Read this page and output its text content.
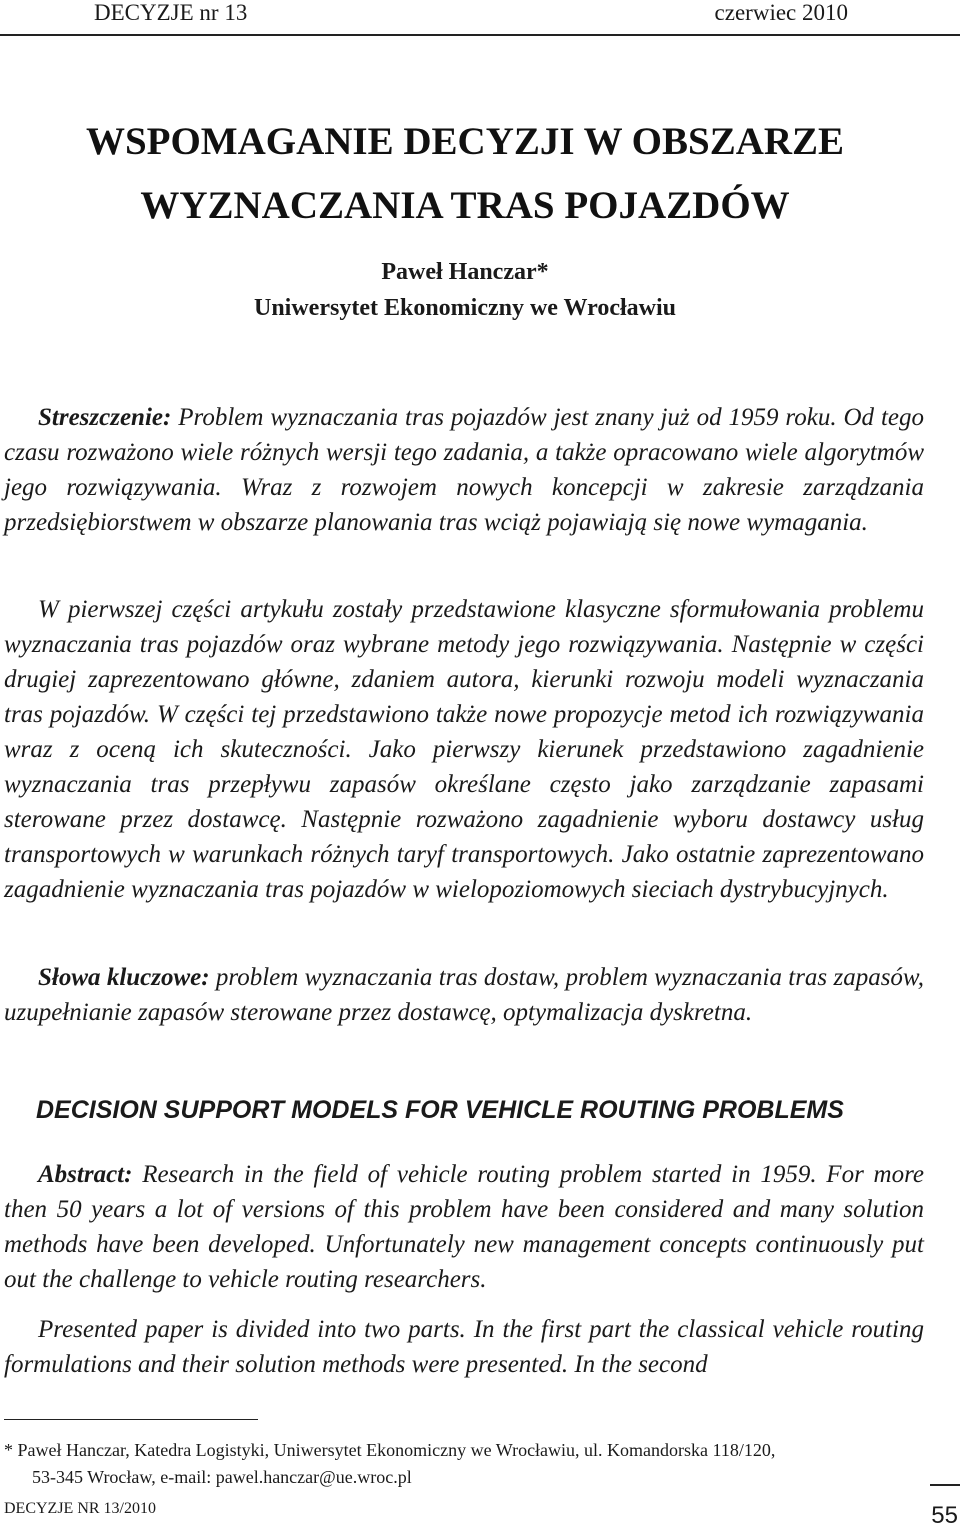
DECYZJE nr 13	czerwiec 2010
WSPOMAGANIE DECYZJI W OBSZARZE
WYZNACZANIA TRAS POJAZDÓW
Paweł Hanczar*
Uniwersytet Ekonomiczny we Wrocławiu

Streszczenie: Problem wyznaczania tras pojazdów jest znany już od 1959 roku. Od tego czasu rozważono wiele różnych wersji tego zadania, a także opracowano wiele algorytmów jego rozwiązywania. Wraz z rozwojem nowych koncepcji w zakresie zarządzania przedsiębiorstwem w obszarze planowania tras wciąż pojawiają się nowe wymagania.

W pierwszej części artykułu zostały przedstawione klasyczne sformułowania problemu wyznaczania tras pojazdów oraz wybrane metody jego rozwiązywania. Następnie w części drugiej zaprezentowano główne, zdaniem autora, kierunki rozwoju modeli wyznaczania tras pojazdów. W części tej przedstawiono także nowe propozycje metod ich rozwiązywania wraz z oceną ich skuteczności. Jako pierwszy kierunek przedstawiono zagadnienie wyznaczania tras przepływu zapasów określane często jako zarządzanie zapasami sterowane przez dostawcę. Następnie rozważono zagadnienie wyboru dostawcy usług transportowych w warunkach różnych taryf transportowych. Jako ostatnie zaprezentowano zagadnienie wyznaczania tras pojazdów w wielopoziomowych sieciach dystrybucyjnych.

Słowa kluczowe: problem wyznaczania tras dostaw, problem wyznaczania tras zapasów, uzupełnianie zapasów sterowane przez dostawcę, optymalizacja dyskretna.

DECISION SUPPORT MODELS FOR VEHICLE ROUTING PROBLEMS

Abstract: Research in the field of vehicle routing problem started in 1959. For more then 50 years a lot of versions of this problem have been considered and many solution methods have been developed. Unfortunately new management concepts continuously put out the challenge to vehicle routing researchers.

Presented paper is divided into two parts. In the first part the classical vehicle routing formulations and their solution methods were presented. In the second

* Paweł Hanczar, Katedra Logistyki, Uniwersytet Ekonomiczny we Wrocławiu, ul. Komandorska 118/120,
53-345 Wrocław, e-mail: pawel.hanczar@ue.wroc.pl
DECYZJE NR 13/2010	55
